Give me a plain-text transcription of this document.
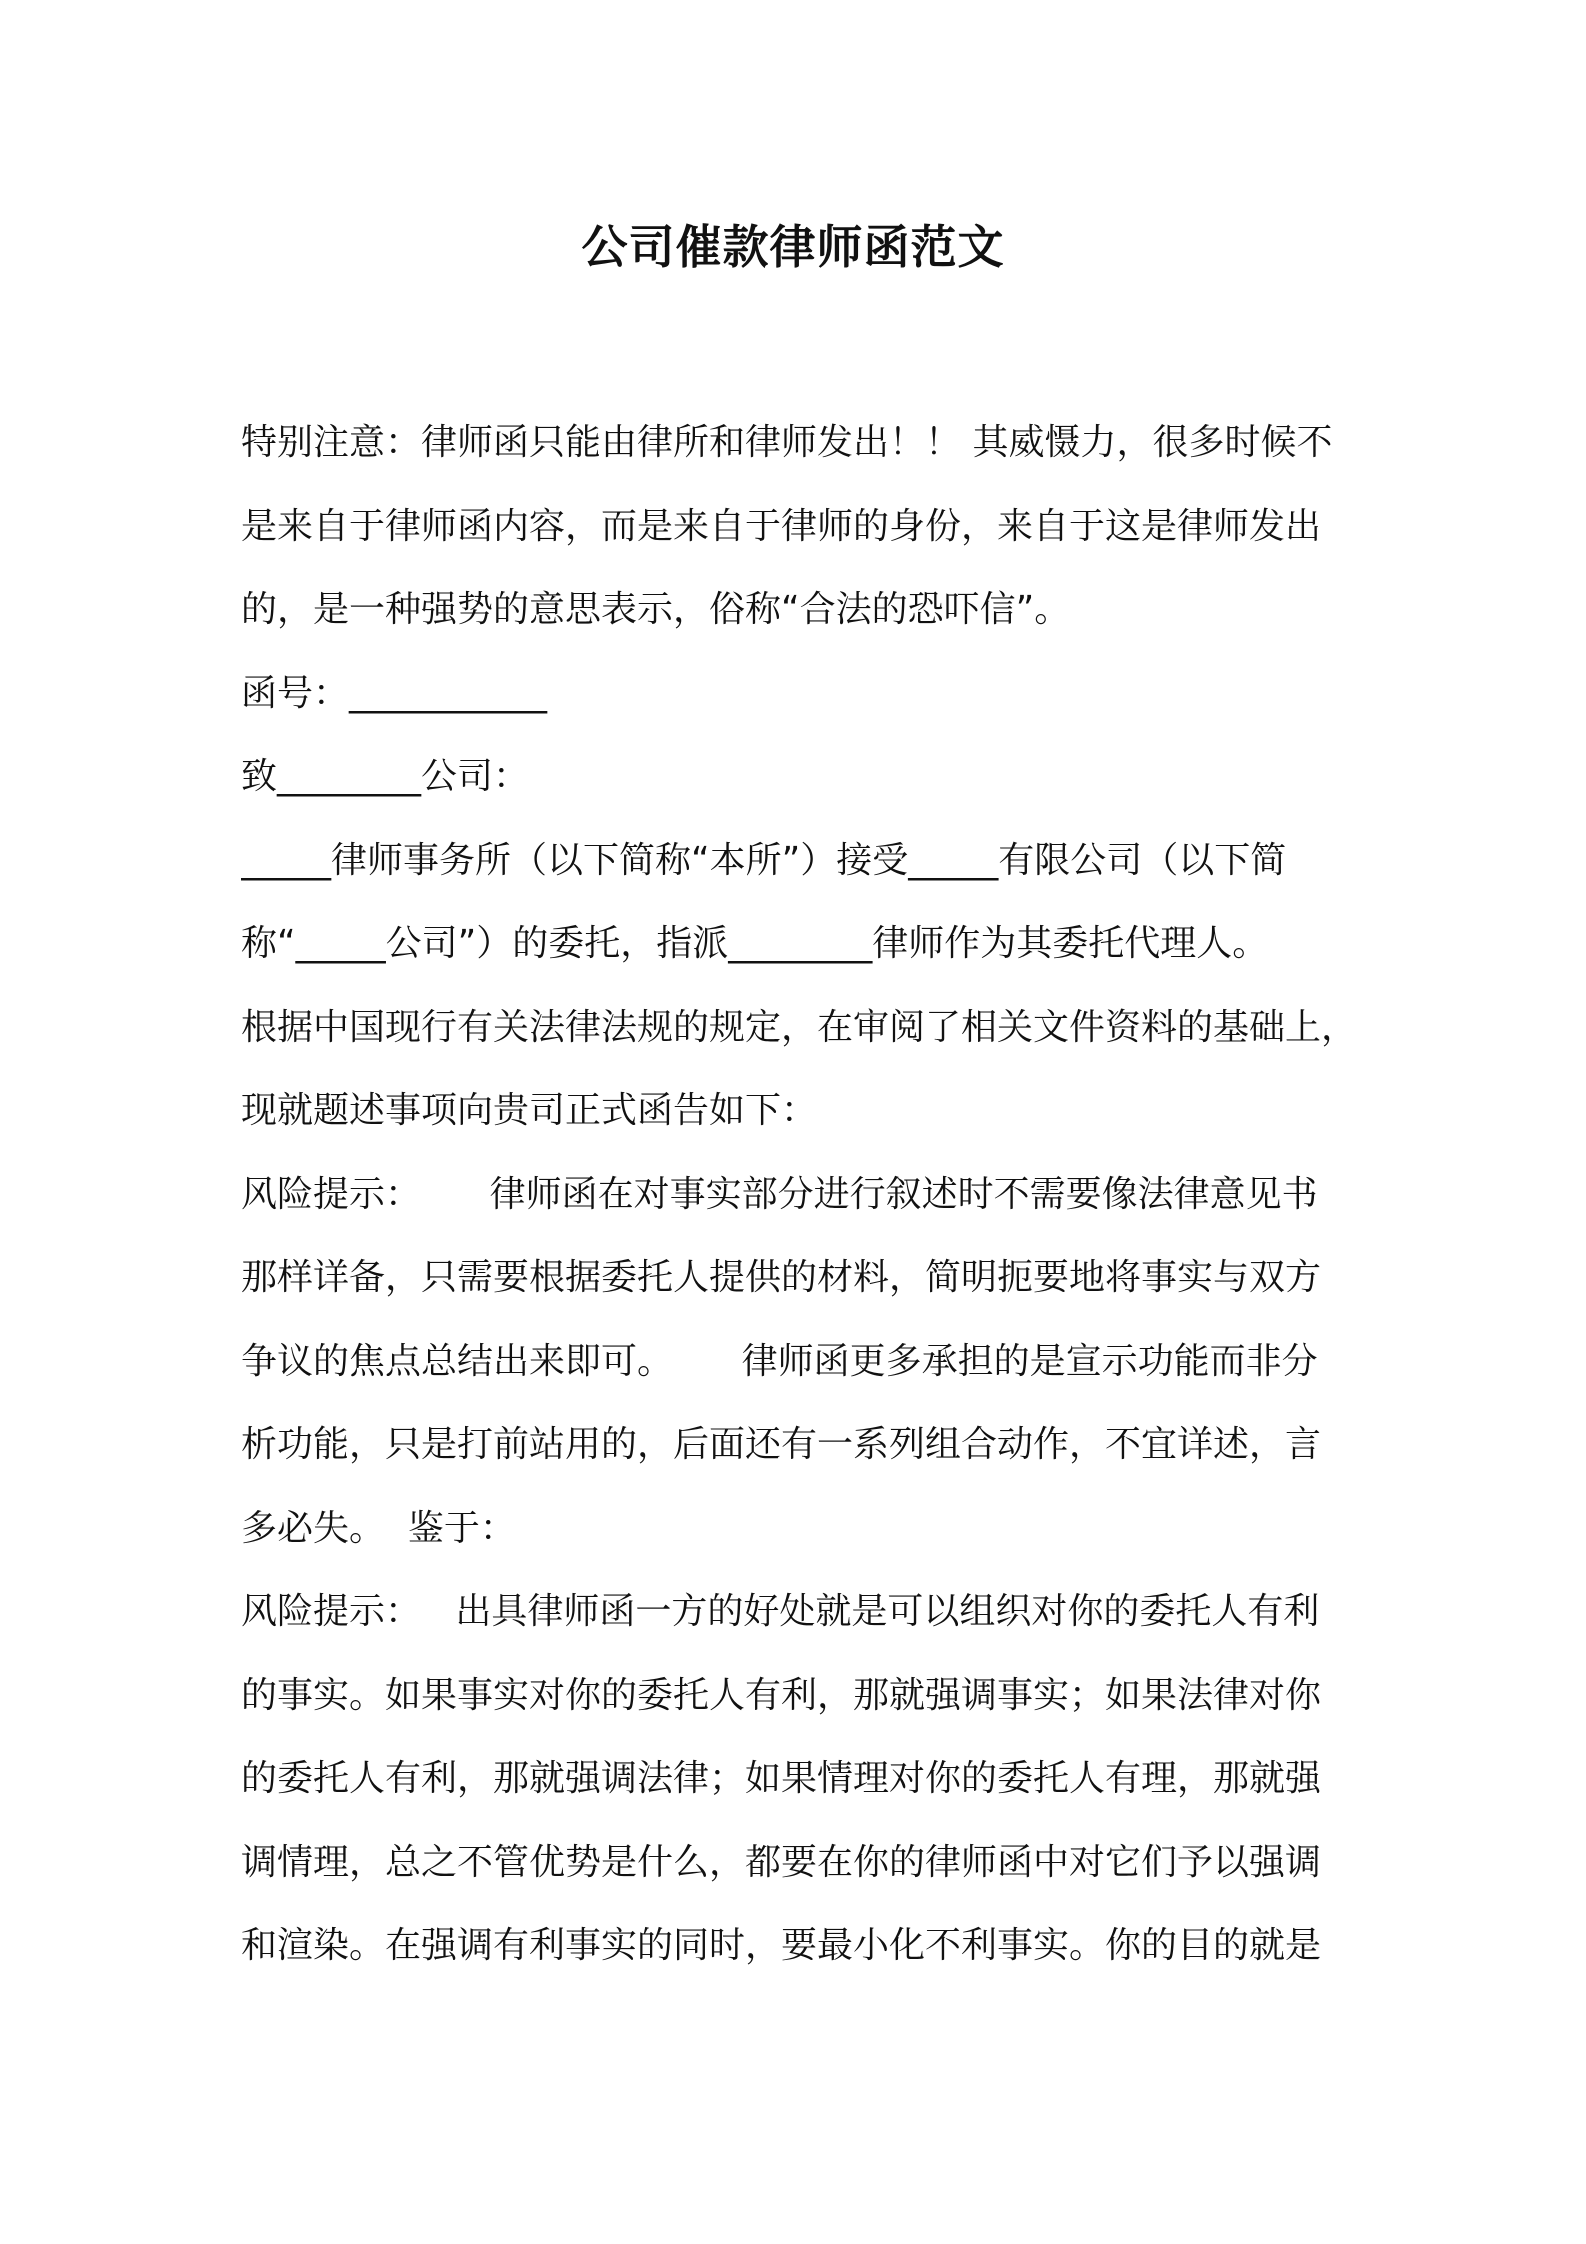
公司催款律师函范文
特别注意：律师函只能由律所和律师发出！！ 其威慑力，很多时候不
是来自于律师函内容，而是来自于律师的身份，来自于这是律师发出
的，是一种强势的意思表示，俗称“合法的恐吓信”。
函号：___________
致________公司：
_____律师事务所（以下简称“本所”）接受_____有限公司（以下简
称“_____公司”）的委托，指派________律师作为其委托代理人。
根据中国现行有关法律法规的规定，在审阅了相关文件资料的基础上，
现就题述事项向贵司正式函告如下：
风险提示：      律师函在对事实部分进行叙述时不需要像法律意见书
那样详备，只需要根据委托人提供的材料，简明扼要地将事实与双方
争议的焦点总结出来即可。      律师函更多承担的是宣示功能而非分
析功能，只是打前站用的，后面还有一系列组合动作，不宜详述，言
多必失。  鉴于：
风险提示：   出具律师函一方的好处就是可以组织对你的委托人有利
的事实。如果事实对你的委托人有利，那就强调事实；如果法律对你
的委托人有利，那就强调法律；如果情理对你的委托人有理，那就强
调情理，总之不管优势是什么，都要在你的律师函中对它们予以强调
和渲染。在强调有利事实的同时，要最小化不利事实。你的目的就是
